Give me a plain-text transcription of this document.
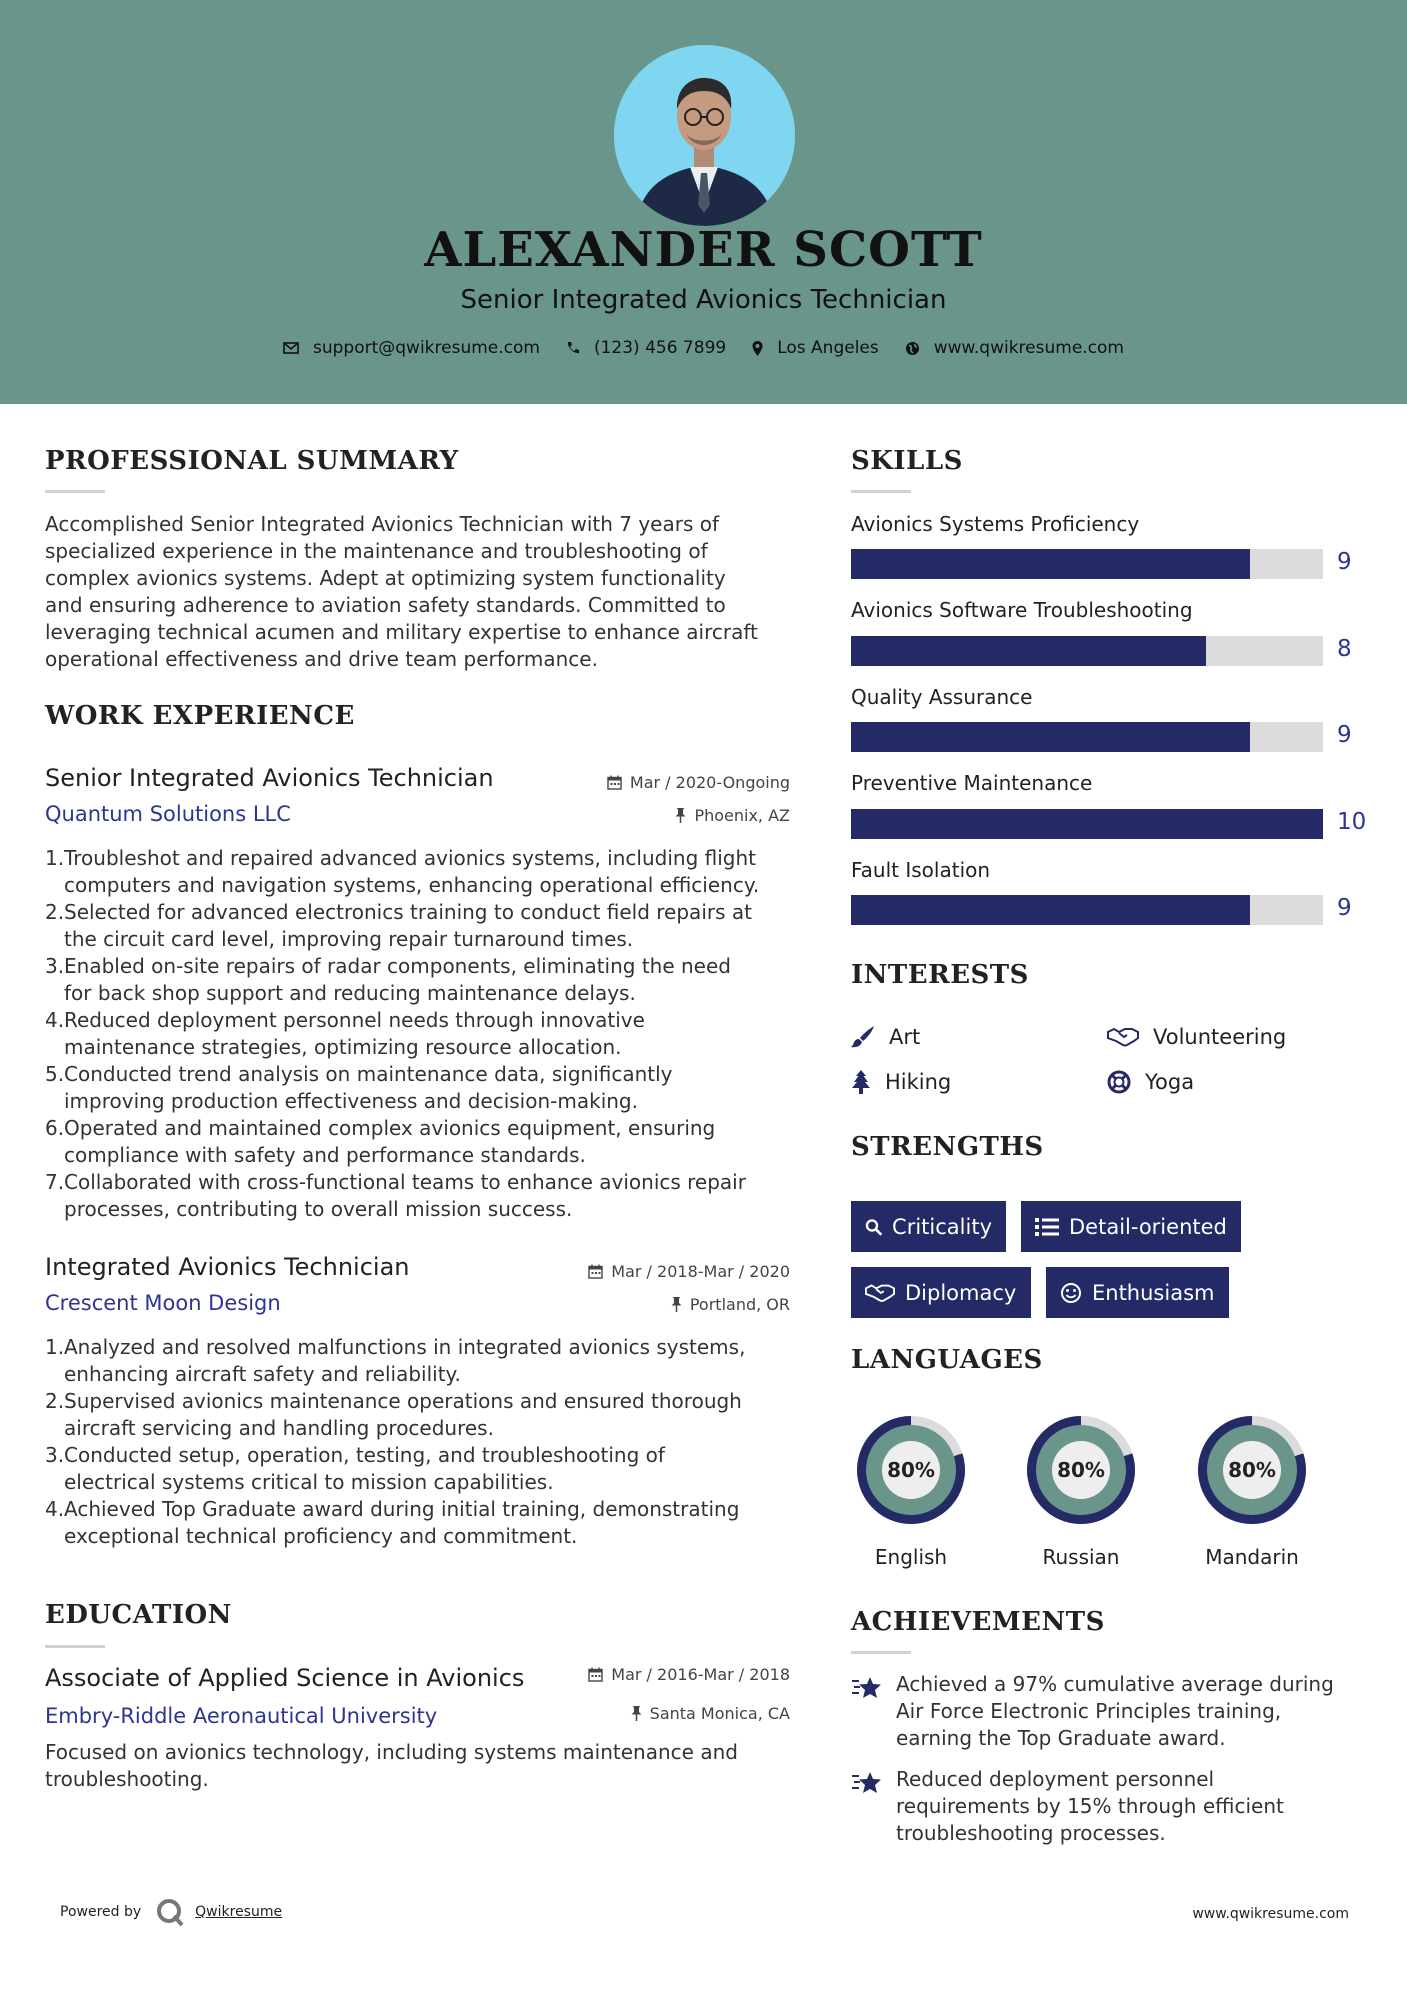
ALEXANDER SCOTT
Senior Integrated Avionics Technician
support@qwikresume.com	(123) 456 7899	Los Angeles	www.qwikresume.com
PROFESSIONAL SUMMARY
Accomplished Senior Integrated Avionics Technician with 7 years of
specialized experience in the maintenance and troubleshooting of
complex avionics systems. Adept at optimizing system functionality
and ensuring adherence to aviation safety standards. Committed to
leveraging technical acumen and military expertise to enhance aircraft
operational effectiveness and drive team performance.
WORK EXPERIENCE
Senior Integrated Avionics Technician	Mar / 2020-Ongoing
Quantum Solutions LLC	Phoenix, AZ
1. Troubleshot and repaired advanced avionics systems, including flight
computers and navigation systems, enhancing operational efficiency.
2. Selected for advanced electronics training to conduct field repairs at
the circuit card level, improving repair turnaround times.
3. Enabled on-site repairs of radar components, eliminating the need
for back shop support and reducing maintenance delays.
4. Reduced deployment personnel needs through innovative
maintenance strategies, optimizing resource allocation.
5. Conducted trend analysis on maintenance data, significantly
improving production effectiveness and decision-making.
6. Operated and maintained complex avionics equipment, ensuring
compliance with safety and performance standards.
7. Collaborated with cross-functional teams to enhance avionics repair
processes, contributing to overall mission success.
Integrated Avionics Technician	Mar / 2018-Mar / 2020
Crescent Moon Design	Portland, OR
1. Analyzed and resolved malfunctions in integrated avionics systems,
enhancing aircraft safety and reliability.
2. Supervised avionics maintenance operations and ensured thorough
aircraft servicing and handling procedures.
3. Conducted setup, operation, testing, and troubleshooting of
electrical systems critical to mission capabilities.
4. Achieved Top Graduate award during initial training, demonstrating
exceptional technical proficiency and commitment.
EDUCATION
Associate of Applied Science in Avionics	Mar / 2016-Mar / 2018
Embry-Riddle Aeronautical University	Santa Monica, CA
Focused on avionics technology, including systems maintenance and
troubleshooting.
SKILLS
Avionics Systems Proficiency
9
Avionics Software Troubleshooting
8
Quality Assurance
9
Preventive Maintenance
10
Fault Isolation
9
INTERESTS
Art	Volunteering
Hiking	Yoga
STRENGTHS
Criticality	Detail-oriented
Diplomacy	Enthusiasm
LANGUAGES
80%
English
80%
Russian
80%
Mandarin
ACHIEVEMENTS

Achieved a 97% cumulative average during
Air Force Electronic Principles training,
earning the Top Graduate award.

Reduced deployment personnel
requirements by 15% through efficient
troubleshooting processes.

Powered by	Qwikresume	www.qwikresume.com
